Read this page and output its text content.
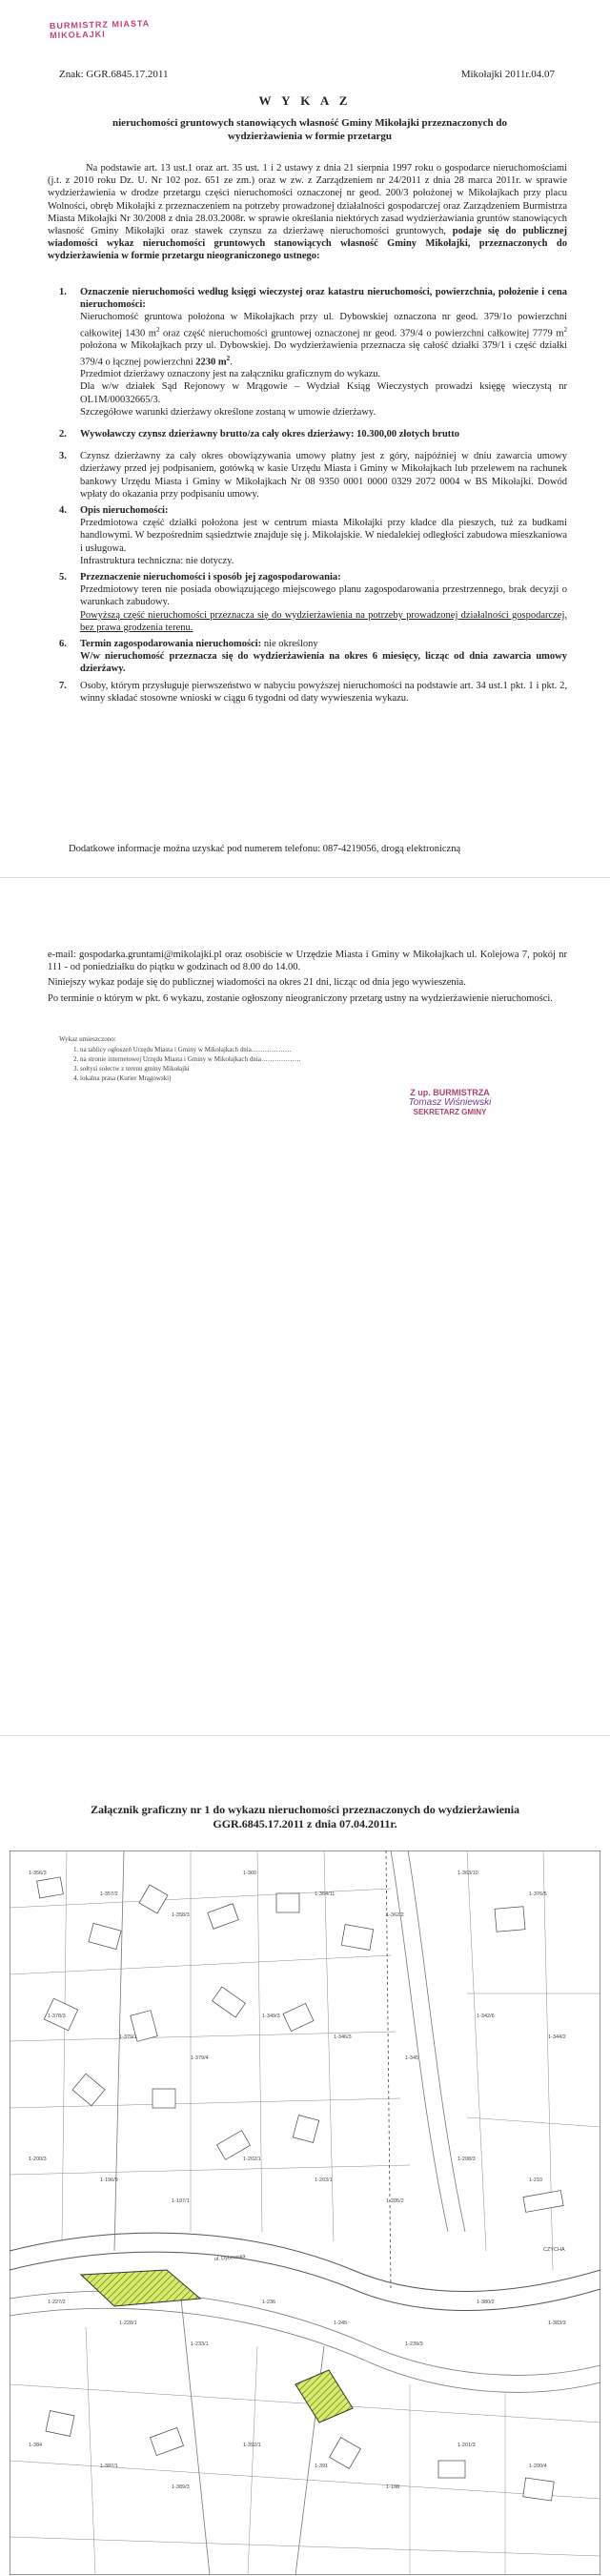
BURMISTRZ MIASTA MIKOŁAJKI
Znak: GGR.6845.17.2011	Mikołajki 2011r.04.07
W Y K A Z
nieruchomości gruntowych stanowiących własność Gminy Mikołajki przeznaczonych do wydzierżawienia w formie przetargu
Na podstawie art. 13 ust.1 oraz art. 35 ust. 1 i 2 ustawy z dnia 21 sierpnia 1997 roku o gospodarce nieruchomościami (j.t. z 2010 roku Dz. U. Nr 102 poz. 651 ze zm.) oraz w zw. z Zarządzeniem nr 24/2011 z dnia 28 marca 2011r. w sprawie wydzierżawienia w drodze przetargu części nieruchomości oznaczonej nr geod. 200/3 położonej w Mikołajkach przy placu Wolności, obręb Mikołajki z przeznaczeniem na potrzeby prowadzonej działalności gospodarczej oraz Zarządzeniem Burmistrza Miasta Mikołajki Nr 30/2008 z dnia 28.03.2008r. w sprawie określania niektórych zasad wydzierżawiania gruntów stanowiących własność Gminy Mikołajki oraz stawek czynszu za dzierżawę nieruchomości gruntowych, podaje się do publicznej wiadomości wykaz nieruchomości gruntowych stanowiących własność Gminy Mikołajki, przeznaczonych do wydzierżawienia w formie przetargu nieograniczonego ustnego:
1. Oznaczenie nieruchomości według księgi wieczystej oraz katastru nieruchomości, powierzchnia, położenie i cena nieruchomości:
Nieruchomość gruntowa położona w Mikołajkach przy ul. Dybowskiej oznaczona nr geod. 379/1o powierzchni całkowitej 1430 $m^2$ oraz część nieruchomości gruntowej oznaczonej nr geod. 379/4 o powierzchni całkowitej 7779 $m^2$ położona w Mikołajkach przy ul. Dybowskiej. Do wydzierżawienia przeznacza się całość działki 379/1 i część działki 379/4 o łącznej powierzchni 2230 $m^2$.
Przedmiot dzierżawy oznaczony jest na załączniku graficznym do wykazu.
Dla w/w działek Sąd Rejonowy w Mrągowie – Wydział Ksiąg Wieczystych prowadzi księgę wieczystą nr OL1M/00032665/3.
Szczegółowe warunki dzierżawy określone zostaną w umowie dzierżawy.
2. Wywoławczy czynsz dzierżawny brutto/za cały okres dzierżawy: 10.300,00 złotych brutto
3. Czynsz dzierżawny za cały okres obowiązywania umowy płatny jest z góry, najpóźniej w dniu zawarcia umowy dzierżawy przed jej podpisaniem, gotówką w kasie Urzędu Miasta i Gminy w Mikołajkach lub przelewem na rachunek bankowy Urzędu Miasta i Gminy w Mikołajkach Nr 08 9350 0001 0000 0329 2072 0004 w BS Mikołajki. Dowód wpłaty do okazania przy podpisaniu umowy.
4. Opis nieruchomości:
Przedmiotowa część działki położona jest w centrum miasta Mikołajki przy kładce dla pieszych, tuż za budkami handlowymi. W bezpośrednim sąsiedztwie znajduje się j. Mikołajskie. W niedalekiej odległości zabudowa mieszkaniowa i usługowa.
Infrastruktura techniczna: nie dotyczy.
5. Przeznaczenie nieruchomości i sposób jej zagospodarowania:
Przedmiotowy teren nie posiada obowiązującego miejscowego planu zagospodarowania przestrzennego, brak decyzji o warunkach zabudowy.
Powyższą część nieruchomości przeznacza się do wydzierżawienia na potrzeby prowadzonej działalności gospodarczej, bez prawa grodzenia terenu.
6. Termin zagospodarowania nieruchomości: nie określony
W/w nieruchomość przeznacza się do wydzierżawienia na okres 6 miesięcy, licząc od dnia zawarcia umowy dzierżawy.
7. Osoby, którym przysługuje pierwszeństwo w nabyciu powyższej nieruchomości na podstawie art. 34 ust.1 pkt. 1 i pkt. 2, winny składać stosowne wnioski w ciągu 6 tygodni od daty wywieszenia wykazu.
Dodatkowe informacje można uzyskać pod numerem telefonu: 087-4219056, drogą elektroniczną

e-mail: gospodarka.gruntami@mikolajki.pl oraz osobiście w Urzędzie Miasta i Gminy w Mikołajkach ul. Kolejowa 7, pokój nr 111 - od poniedziałku do piątku w godzinach od 8.00 do 14.00.

Niniejszy wykaz podaje się do publicznej wiadomości na okres 21 dni, licząc od dnia jego wywieszenia.

Po terminie o którym w pkt. 6 wykazu, zostanie ogłoszony nieograniczony przetarg ustny na wydzierżawienie nieruchomości.

Wykaz umieszczono:
1. na tablicy ogłoszeń Urzędu Miasta i Gminy w Mikołajkach dnia………………
2. na stronie internetowej Urzędu Miasta i Gminy w Mikołajkach dnia………………
3. sołtysi sołectw z terenu gminy Mikołajki
4. lokalna prasa (Kurier Mrągowski)
Z up. BURMISTRZA
Tomasz Wiśniewski
SEKRETARZ GMINY
Załącznik graficzny nr 1 do wykazu nieruchomości przeznaczonych do wydzierżawienia GGR.6845.17.2011 z dnia 07.04.2011r.
1-356/3
1-357/2
1-358/3
1-360
1-364/11
1-362/2
1-363/10
1-376/5
1-378/3
1-379/1
1-379/4
1-349/3
1-346/3
1-345
1-342/6
1-344/2
1-200/3
1-196/9
1-197/1
1-202/1
1-203/1
1-205/2
1-208/3
1-210
1-227/2
1-228/1
1-233/1
1-236
1-245
1-239/3
1-380/2
1-383/3
1-384
1-387/1
1-389/3
1-392/1
1-391
1-198
1-201/3
1-200/4
ul. Dybowska
CZYCHA
